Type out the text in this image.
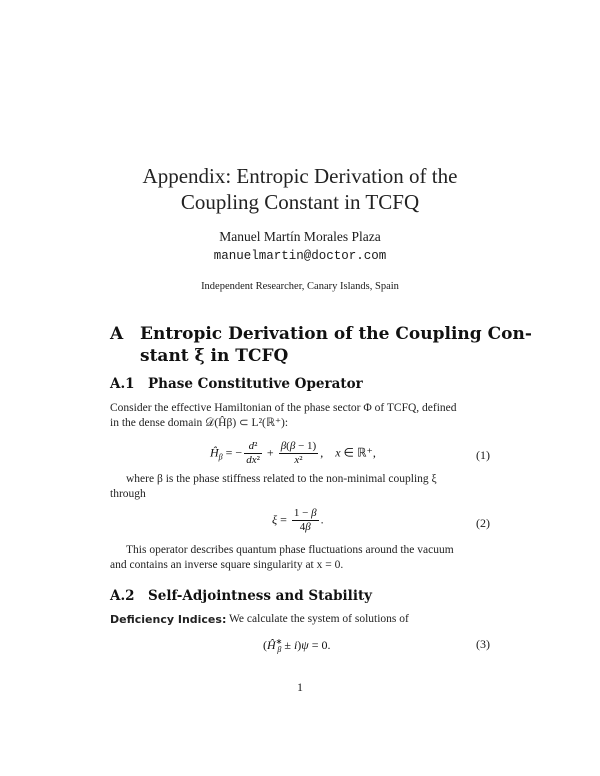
Appendix: Entropic Derivation of the
Coupling Constant in TCFQ
Manuel Martín Morales Plaza
manuelmartin@doctor.com
Independent Researcher, Canary Islands, Spain
A Entropic Derivation of the Coupling Con-
stant ξ in TCFQ
A.1 Phase Constitutive Operator
Consider the effective Hamiltonian of the phase sector Φ of TCFQ, defined
in the dense domain 𝒟(Ĥβ) ⊂ L²(ℝ⁺):
$Ĥ_\beta$ = − $\frac{\text{d²}}{\text{dx²}} + \frac{\beta(\beta - 1)}{\text{x²}}$ ,    x ∈ ℝ⁺,	(1)
where β is the phase stiffness related to the non-minimal coupling ξ
through
$\xi = \frac{1 - \beta}{4\beta}$ .	(2)
This operator describes quantum phase fluctuations around the vacuum
and contains an inverse square singularity at x = 0.
A.2 Self-Adjointness and Stability
Deficiency Indices: We calculate the system of solutions of
$(Ĥ^∗_\beta \pm i)\psi = 0$.	(3)
1
